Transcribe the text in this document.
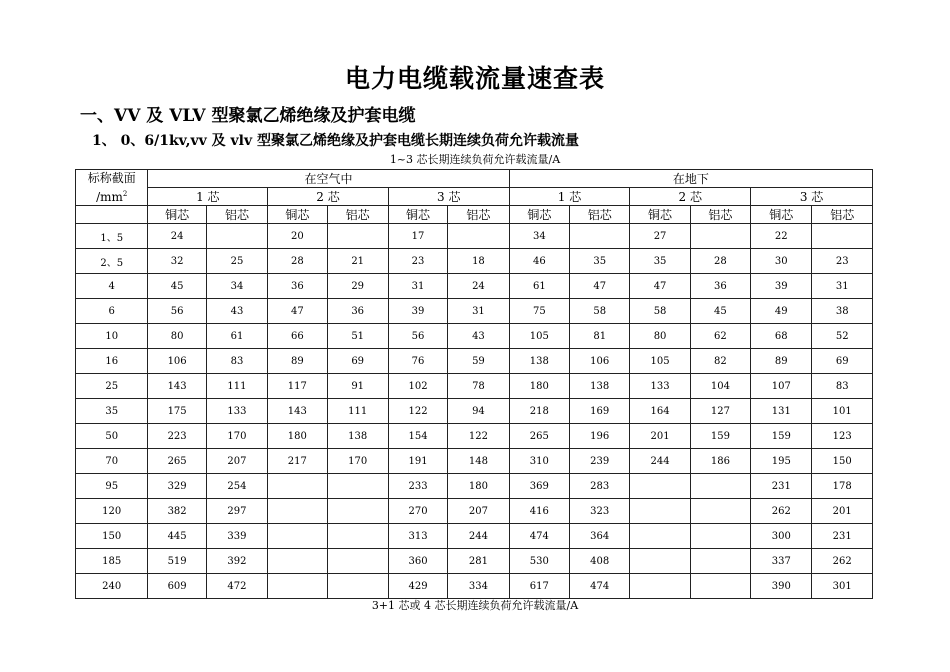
电力电缆载流量速查表
一、VV 及 VLV 型聚氯乙烯绝缘及护套电缆
1、 0、6/1kv,vv 及 vlv 型聚氯乙烯绝缘及护套电缆长期连续负荷允许载流量
1~3 芯长期连续负荷允许载流量/A
标称截面
$/mm^2$	在空气中						在地下					
	1 芯		2 芯		3 芯		1 芯		2 芯		3 芯	
	铜芯	铝芯	铜芯	铝芯	铜芯	铝芯	铜芯	铝芯	铜芯	铝芯	铜芯	铝芯
1、5	24		20		17		34		27		22	
2、5	32	25	28	21	23	18	46	35	35	28	30	23
4	45	34	36	29	31	24	61	47	47	36	39	31
6	56	43	47	36	39	31	75	58	58	45	49	38
10	80	61	66	51	56	43	105	81	80	62	68	52
16	106	83	89	69	76	59	138	106	105	82	89	69
25	143	111	117	91	102	78	180	138	133	104	107	83
35	175	133	143	111	122	94	218	169	164	127	131	101
50	223	170	180	138	154	122	265	196	201	159	159	123
70	265	207	217	170	191	148	310	239	244	186	195	150
95	329	254			233	180	369	283			231	178
120	382	297			270	207	416	323			262	201
150	445	339			313	244	474	364			300	231
185	519	392			360	281	530	408			337	262
240	609	472			429	334	617	474			390	301
3+1 芯或 4 芯长期连续负荷允许载流量/A
